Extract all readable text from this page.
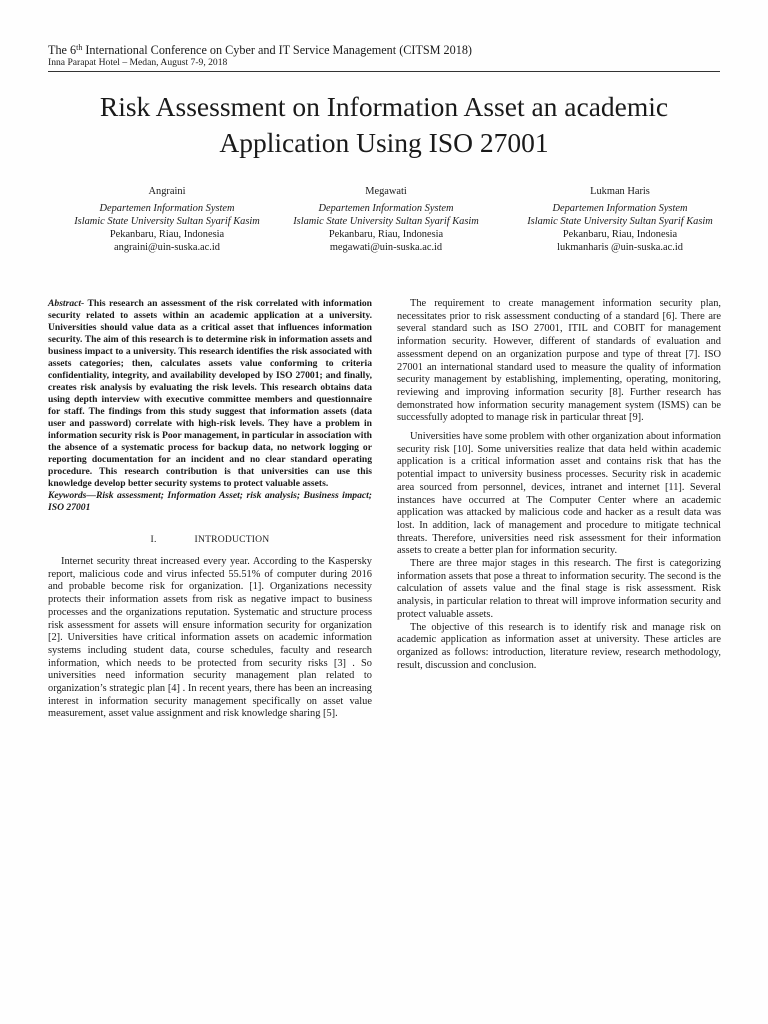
The 6th International Conference on Cyber and IT Service Management (CITSM 2018)
Inna Parapat Hotel – Medan, August 7-9, 2018
Risk Assessment on Information Asset an academic Application Using ISO 27001
Angraini
Departemen Information System
Islamic State University Sultan Syarif Kasim
Pekanbaru, Riau, Indonesia
angraini@uin-suska.ac.id
Megawati
Departemen Information System
Islamic State University Sultan Syarif Kasim
Pekanbaru, Riau, Indonesia
megawati@uin-suska.ac.id
Lukman Haris
Departemen Information System
Islamic State University Sultan Syarif Kasim
Pekanbaru, Riau, Indonesia
lukmanharis @uin-suska.ac.id
Abstract- This research an assessment of the risk correlated with information security related to assets within an academic application at a university. Universities should value data as a critical asset that influences information security. The aim of this research is to determine risk in information assets and business impact to a university. This research identifies the risk associated with assets categories; then, calculates assets value conforming to criteria confidentiality, integrity, and availability developed by ISO 27001; and finally, creates risk analysis by evaluating the risk levels. This research obtains data using depth interview with executive committee members and questionnaire for staff. The findings from this study suggest that information assets (data user and password) correlate with high-risk levels. They have a problem in information security risk is Poor management, in particular in association with the absence of a systematic process for backup data, no network logging or reporting documentation for an incident and no clear standard operating procedure. This research contribution is that universities can use this knowledge develop better security systems to protect valuable assets.
Keywords—Risk assessment; Information Asset; risk analysis; Business impact; ISO 27001
I.	INTRODUCTION

Internet security threat increased every year. According to the Kaspersky report, malicious code and virus infected 55.51% of computer during 2016 and probable become risk for organization. [1]. Organizations necessity protects their information assets from risk as negative impact to business processes and the organizations reputation. Systematic and structure process risk assessment for assets will ensure information security for organization [2]. Universities have critical information assets on academic information systems including student data, course schedules, faculty and research information, which needs to be protected from security risks [3] . So universities need information security management plan related to organization’s strategic plan [4] . In recent years, there has been an increasing interest in information security management specifically on asset value measurement, asset value assignment and risk knowledge sharing [5].

The requirement to create management information security plan, necessitates prior to risk assessment conducting of a standard [6]. There are several standard such as ISO 27001, ITIL and COBIT for management information security. However, different of standards of evaluation and assessment depend on an organization purpose and type of threat [7]. ISO 27001 an international standard used to measure the quality of information security management by establishing, implementing, operating, monitoring, reviewing and improving information security [8]. Further research has demonstrated how information security management system (ISMS) can be successfully adopted to manage risk in particular threat [9].

Universities have some problem with other organization about information security risk [10]. Some universities realize that data held within academic application is a critical information asset and contains risk that has the potential impact to university business processes. Security risk in academic area sourced from personnel, devices, intranet and internet [11]. Several instances have occurred at The Computer Center where an academic application was attacked by malicious code and hacker as a result data was lost. In addition, lack of management and procedure to mitigate technical threats. Therefore, universities need risk assessment for their information assets to create a better plan for information security.

There are three major stages in this research. The first is categorizing information assets that pose a threat to information security. The second is the calculation of assets value and the final stage is risk assessment. Risk analysis, in particular relation to threat will improve information security and protect valuable assets.

The objective of this research is to identify risk and manage risk on academic application as information asset at university. These articles are organized as follows: introduction, literature review, research methodology, result, discussion and conclusion.
